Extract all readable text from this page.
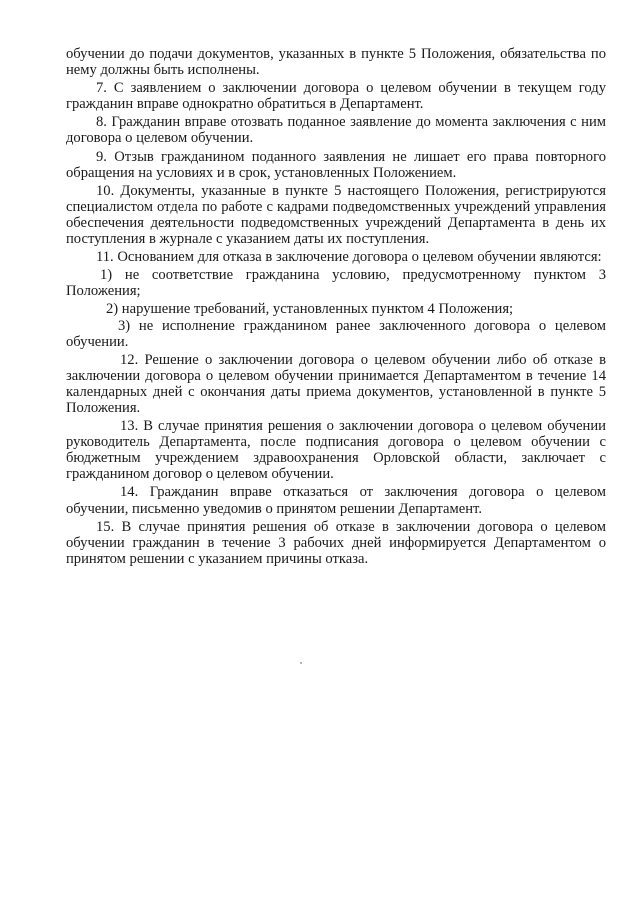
обучении до подачи документов, указанных в пункте 5 Положения, обязательства по нему должны быть исполнены.

7. С заявлением о заключении договора о целевом обучении в текущем году гражданин вправе однократно обратиться в Департамент.

8. Гражданин вправе отозвать поданное заявление до момента заключения с ним договора о целевом обучении.

9. Отзыв гражданином поданного заявления не лишает его права повторного обращения на условиях и в срок, установленных Положением.

10. Документы, указанные в пункте 5 настоящего Положения, регистрируются специалистом отдела по работе с кадрами подведомственных учреждений управления обеспечения деятельности подведомственных учреждений Департамента в день их поступления в журнале с указанием даты их поступления.

11. Основанием для отказа в заключение договора о целевом обучении являются:

1) не соответствие гражданина условию, предусмотренному пунктом 3 Положения;

2) нарушение требований, установленных пунктом 4 Положения;

3) не исполнение гражданином ранее заключенного договора о целевом обучении.

12. Решение о заключении договора о целевом обучении либо об отказе в заключении договора о целевом обучении принимается Департаментом в течение 14 календарных дней с окончания даты приема документов, установленной в пункте 5 Положения.

13. В случае принятия решения о заключении договора о целевом обучении руководитель Департамента, после подписания договора о целевом обучении с бюджетным учреждением здравоохранения Орловской области, заключает с гражданином договор о целевом обучении.

14. Гражданин вправе отказаться от заключения договора о целевом обучении, письменно уведомив о принятом решении Департамент.

15. В случае принятия решения об отказе в заключении договора о целевом обучении гражданин в течение 3 рабочих дней информируется Департаментом о принятом решении с указанием причины отказа.
